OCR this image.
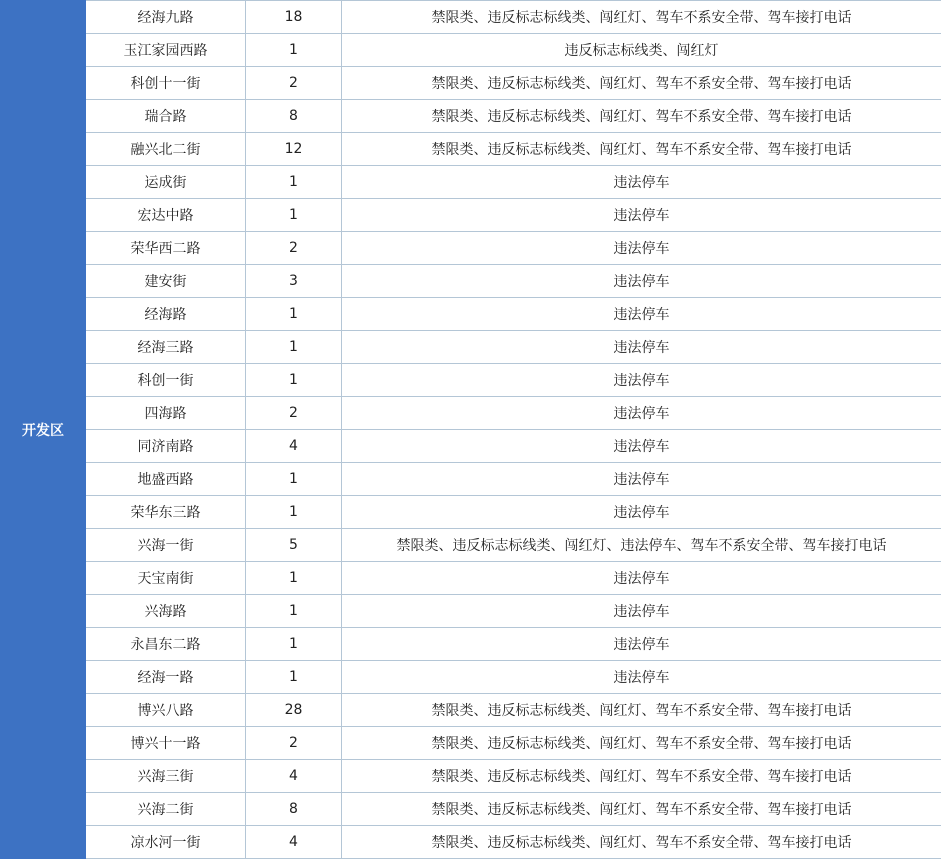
开发区	经海九路	18	禁限类、违反标志标线类、闯红灯、驾车不系安全带、驾车接打电话
	玉江家园西路	1	违反标志标线类、闯红灯
	科创十一街	2	禁限类、违反标志标线类、闯红灯、驾车不系安全带、驾车接打电话
	瑞合路	8	禁限类、违反标志标线类、闯红灯、驾车不系安全带、驾车接打电话
	融兴北二街	12	禁限类、违反标志标线类、闯红灯、驾车不系安全带、驾车接打电话
	运成街	1	违法停车
	宏达中路	1	违法停车
	荣华西二路	2	违法停车
	建安街	3	违法停车
	经海路	1	违法停车
	经海三路	1	违法停车
	科创一街	1	违法停车
	四海路	2	违法停车
	同济南路	4	违法停车
	地盛西路	1	违法停车
	荣华东三路	1	违法停车
	兴海一街	5	禁限类、违反标志标线类、闯红灯、违法停车、驾车不系安全带、驾车接打电话
	天宝南街	1	违法停车
	兴海路	1	违法停车
	永昌东二路	1	违法停车
	经海一路	1	违法停车
	博兴八路	28	禁限类、违反标志标线类、闯红灯、驾车不系安全带、驾车接打电话
	博兴十一路	2	禁限类、违反标志标线类、闯红灯、驾车不系安全带、驾车接打电话
	兴海三街	4	禁限类、违反标志标线类、闯红灯、驾车不系安全带、驾车接打电话
	兴海二街	8	禁限类、违反标志标线类、闯红灯、驾车不系安全带、驾车接打电话
	凉水河一街	4	禁限类、违反标志标线类、闯红灯、驾车不系安全带、驾车接打电话
